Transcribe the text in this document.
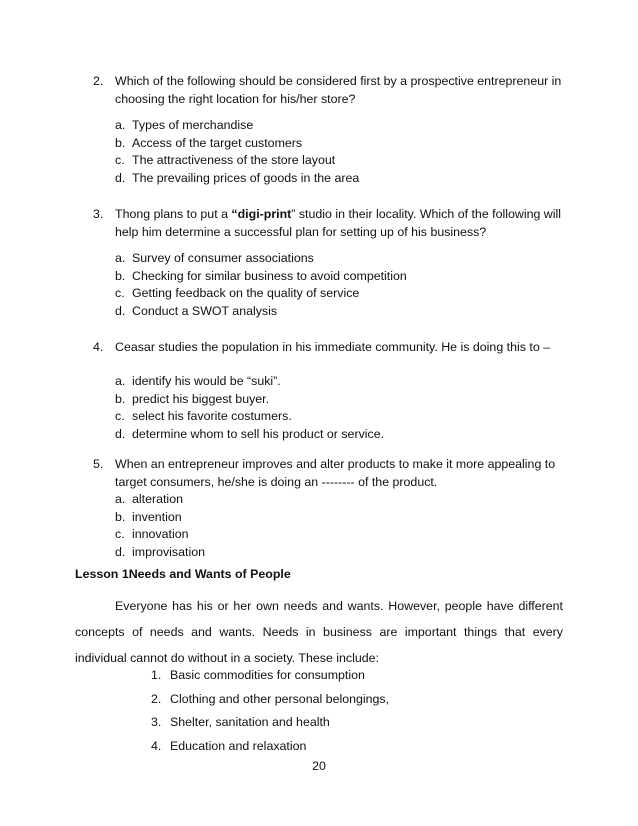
2. Which of the following should be considered first by a prospective entrepreneur in choosing the right location for his/her store?
a. Types of merchandise
b. Access of the target customers
c. The attractiveness of the store layout
d. The prevailing prices of goods in the area
3. Thong plans to put a “digi-print” studio in their locality. Which of the following will help him determine a successful plan for setting up of his business?
a. Survey of consumer associations
b. Checking for similar business to avoid competition
c. Getting feedback on the quality of service
d. Conduct a SWOT analysis
4. Ceasar studies the population in his immediate community. He is doing this to –
a. identify his would be “suki”.
b. predict his biggest buyer.
c. select his favorite costumers.
d. determine whom to sell his product or service.
5. When an entrepreneur improves and alter products to make it more appealing to target consumers, he/she is doing an -------- of the product.
a. alteration
b. invention
c. innovation
d. improvisation
Lesson 1Needs and Wants of People
Everyone has his or her own needs and wants. However, people have different
concepts of needs and wants. Needs in business are important things that every
individual cannot do without in a society. These include:
1. Basic commodities for consumption
2. Clothing and other personal belongings,
3. Shelter, sanitation and health
4. Education and relaxation
20
